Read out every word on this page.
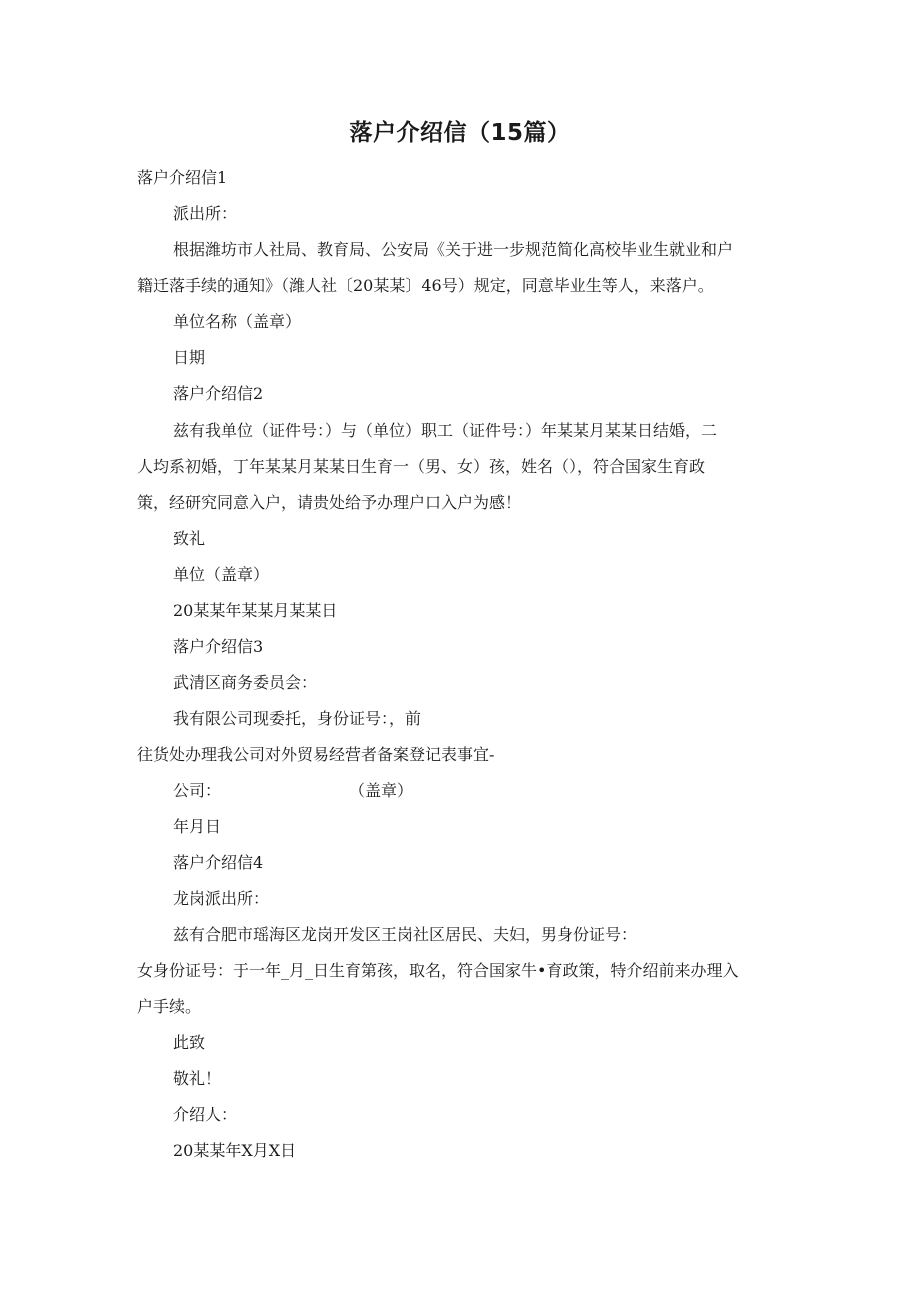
落户介绍信（15篇）
落户介绍信1
派出所：
根据潍坊市人社局、教育局、公安局《关于进一步规范简化高校毕业生就业和户
籍迁落手续的通知》（潍人社〔20某某〕46号）规定，同意毕业生等人，来落户。
单位名称（盖章）
日期
落户介绍信2
兹有我单位（证件号：）与（单位）职工（证件号：）年某某月某某日结婚，二
人均系初婚，丁年某某月某某日生育一（男、女）孩，姓名（），符合国家生育政
策，经研究同意入户，请贵处给予办理户口入户为感！
致礼
单位（盖章）
20某某年某某月某某日
落户介绍信3
武清区商务委员会：
我有限公司现委托，身份证号：，前
往货处办理我公司对外贸易经营者备案登记表事宜-
公司：	（盖章）
年月日
落户介绍信4
龙岗派出所：
兹有合肥市瑶海区龙岗开发区王岗社区居民、夫妇，男身份证号：
女身份证号：于一年_月_日生育第孩，取名，符合国家牛•育政策，特介绍前来办理入
户手续。
此致
敬礼！
介绍人：
20某某年X月X日
